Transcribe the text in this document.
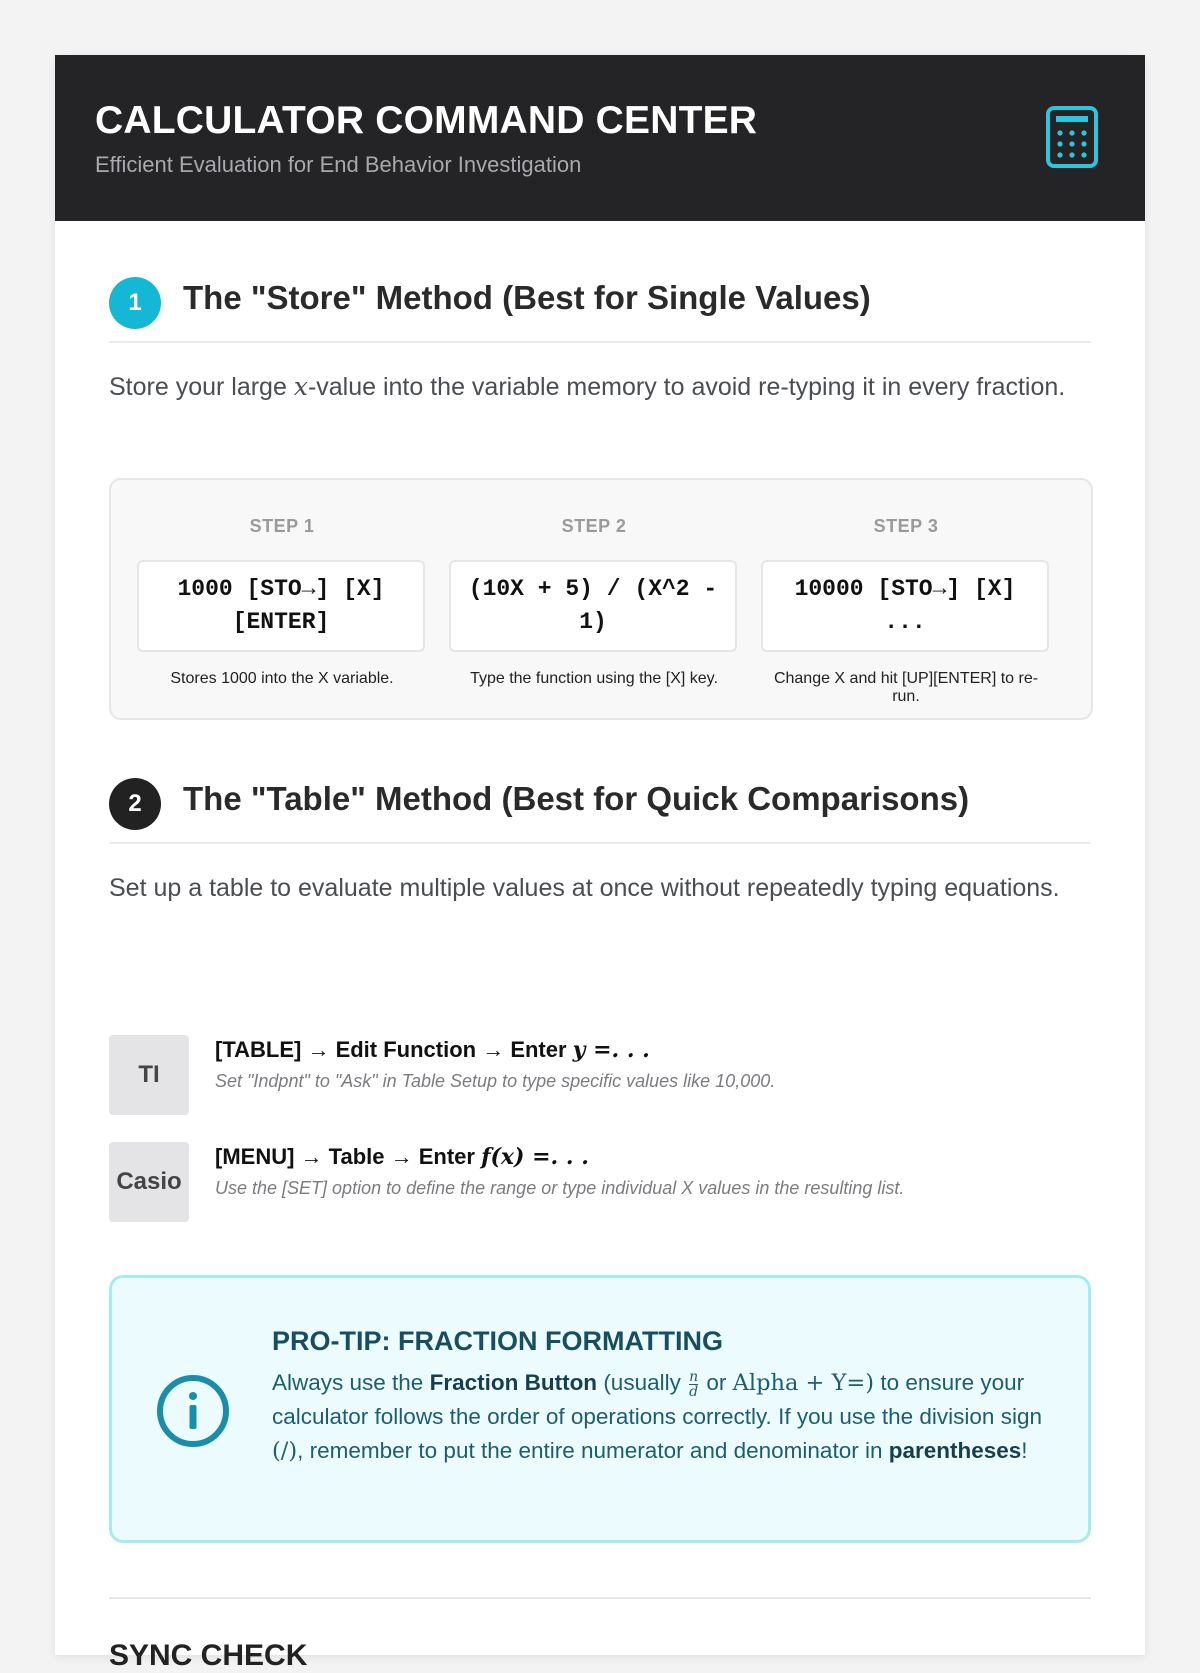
CALCULATOR COMMAND CENTER
Efficient Evaluation for End Behavior Investigation
1	The "Store" Method (Best for Single Values)
Store your large x-value into the variable memory to avoid re-typing it in every fraction.
STEP 1
1000 [STO→] [X] [ENTER]
Stores 1000 into the X variable.
STEP 2
(10X + 5) / (X^2 - 1)
Type the function using the [X] key.
STEP 3
10000 [STO→] [X] ...
Change X and hit [UP][ENTER] to re-run.
2	The "Table" Method (Best for Quick Comparisons)
Set up a table to evaluate multiple values at once without repeatedly typing equations.
TI
[TABLE] → Edit Function → Enter y =. . .
Set "Indpnt" to "Ask" in Table Setup to type specific values like 10,000.
Casio
[MENU] → Table → Enter f(x) =. . .
Use the [SET] option to define the range or type individual X values in the resulting list.
PRO-TIP: FRACTION FORMATTING
Always use the Fraction Button (usually $\frac{n}{d}$ or Alpha + Y=) to ensure your calculator follows the order of operations correctly. If you use the division sign (/), remember to put the entire numerator and denominator in parentheses!
SYNC CHECK
